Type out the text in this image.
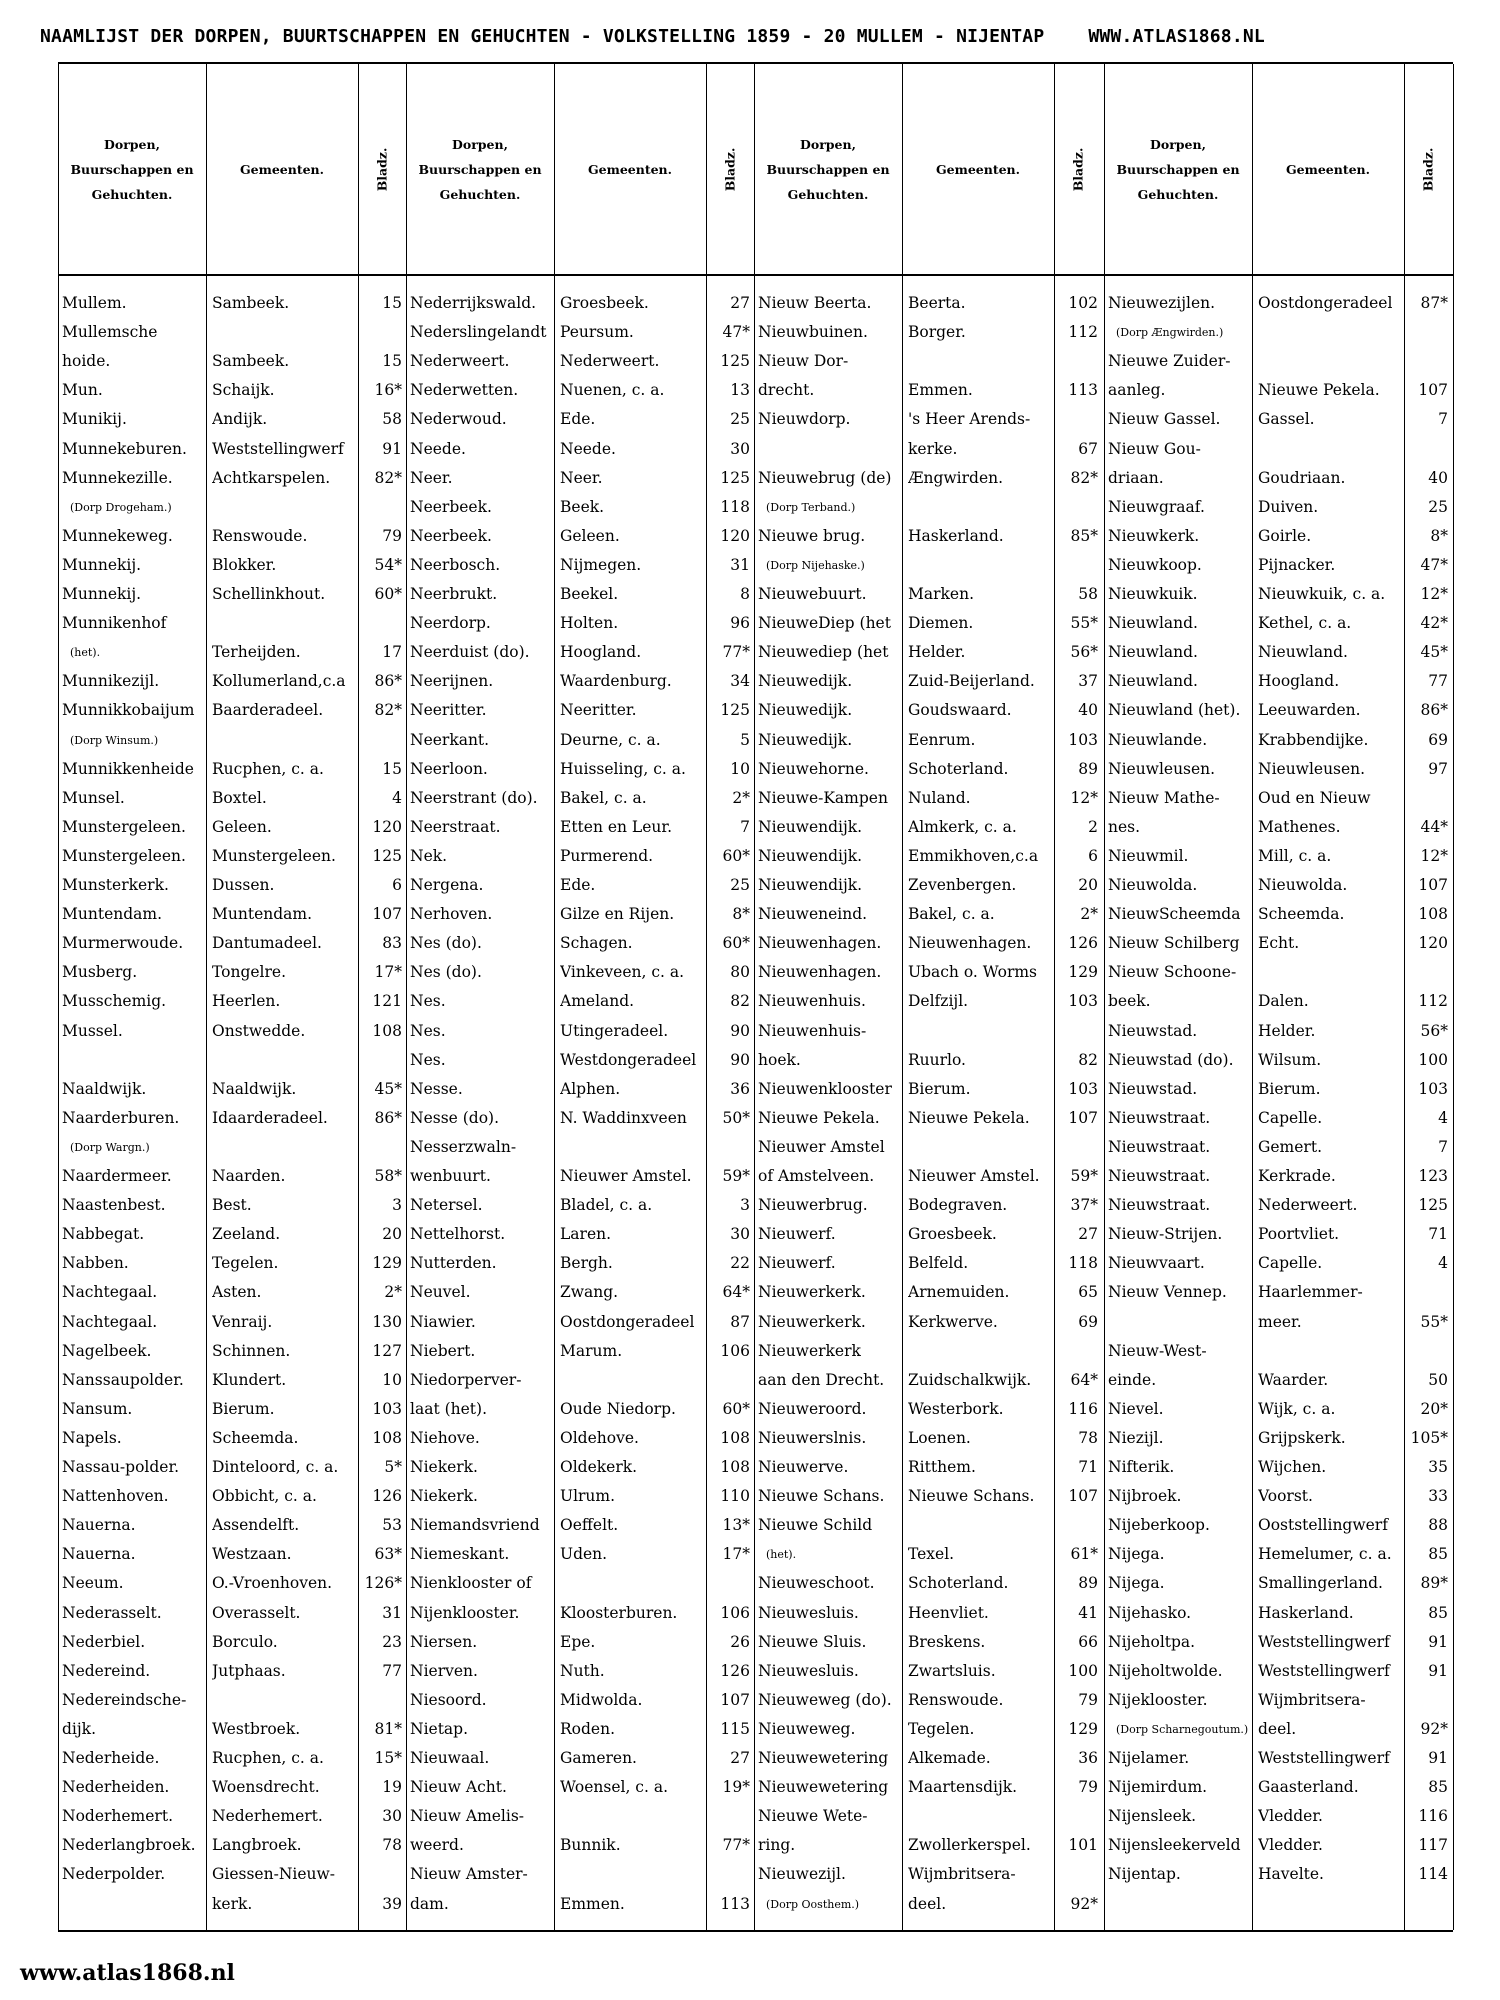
NAAMLIJST DER DORPEN, BUURTSCHAPPEN EN GEHUCHTEN - VOLKSTELLING 1859 - 20 MULLEM - NIJENTAP WWW.ATLAS1868.NL
Dorpen, Buurschappen en Gehuchten.
Gemeenten.	Bladz.
Mullem.	Sambeek.	15
Mullemsche
hoide.	Sambeek.	15
Mun.	Schaijk.	16*
Munikij.	Andijk.	58
Munnekeburen.	Weststellingwerf	91
Munnekezille.	Achtkarspelen.	82*
(Dorp Drogeham.)
Munnekeweg.	Renswoude.	79
Munnekij.	Blokker.	54*
Munnekij.	Schellinkhout.	60*
Munnikenhof
(het).	Terheijden.	17
Munnikezijl.	Kollumerland,c.a	86*
Munnikkobaijum	Baarderadeel.	82*
(Dorp Winsum.)
Munnikkenheide	Rucphen, c. a.	15
Munsel.	Boxtel.	4
Munstergeleen.	Geleen.	120
Munstergeleen.	Munstergeleen.	125
Munsterkerk.	Dussen.	6
Muntendam.	Muntendam.	107
Murmerwoude.	Dantumadeel.	83
Musberg.	Tongelre.	17*
Musschemig.	Heerlen.	121
Mussel.	Onstwedde.	108
Naaldwijk.	Naaldwijk.	45*
Naarderburen.	Idaarderadeel.	86*
(Dorp Wargn.)
Naardermeer.	Naarden.	58*
Naastenbest.	Best.	3
Nabbegat.	Zeeland.	20
Nabben.	Tegelen.	129
Nachtegaal.	Asten.	2*
Nachtegaal.	Venraij.	130
Nagelbeek.	Schinnen.	127
Nanssaupolder.	Klundert.	10
Nansum.	Bierum.	103
Napels.	Scheemda.	108
Nassau-polder.	Dinteloord, c. a.	5*
Nattenhoven.	Obbicht, c. a.	126
Nauerna.	Assendelft.	53
Nauerna.	Westzaan.	63*
Neeum.	O.-Vroenhoven.	126*
Nederasselt.	Overasselt.	31
Nederbiel.	Borculo.	23
Nedereind.	Jutphaas.	77
Nedereindsche-
dijk.	Westbroek.	81*
Nederheide.	Rucphen, c. a.	15*
Nederheiden.	Woensdrecht.	19
Noderhemert.	Nederhemert.	30
Nederlangbroek.	Langbroek.	78
Nederpolder.	Giessen-Nieuw-
kerk.	39
Dorpen, Buurschappen en Gehuchten.
Gemeenten.	Bladz.
Nederrijkswald.	Groesbeek.	27
Nederslingelandt Peursum.	47*
Nederweert.	Nederweert.	125
Nederwetten.	Nuenen, c. a.	13
Nederwoud.	Ede.	25
Neede.	Neede.	30
Neer.	Neer.	125
Neerbeek.	Beek.	118
Neerbeek.	Geleen.	120
Neerbosch.	Nijmegen.	31
Neerbrukt.	Beekel.	8
Neerdorp.	Holten.	96
Neerduist (do).	Hoogland.	77*
Neerijnen.	Waardenburg.	34
Neeritter.	Neeritter.	125
Neerkant.	Deurne, c. a.	5
Neerloon.	Huisseling, c. a.	10
Neerstrant (do).	Bakel, c. a.	2*
Neerstraat.	Etten en Leur.	7
Nek.	Purmerend.	60*
Nergena.	Ede.	25
Nerhoven.	Gilze en Rijen.	8*
Nes (do).	Schagen.	60*
Nes (do).	Vinkeveen, c. a.	80
Nes.	Ameland.	82
Nes.	Utingeradeel.	90
Nes.	Westdongeradeel	90
Nesse.	Alphen.	36
Nesse (do).	N. Waddinxveen	50*
Nesserzwaln-
wenbuurt.	Nieuwer Amstel.	59*
Netersel.	Bladel, c. a.	3
Nettelhorst.	Laren.	30
Nutterden.	Bergh.	22
Neuvel.	Zwang.	64*
Niawier.	Oostdongeradeel	87
Niebert.	Marum.	106
Niedorperver-
laat (het).	Oude Niedorp.	60*
Niehove.	Oldehove.	108
Niekerk.	Oldekerk.	108
Niekerk.	Ulrum.	110
Niemandsvriend	Oeffelt.	13*
Niemeskant.	Uden.	17*
Nienklooster of
Nijenklooster.	Kloosterburen.	106
Niersen.	Epe.	26
Nierven.	Nuth.	126
Niesoord.	Midwolda.	107
Nietap.	Roden.	115
Nieuwaal.	Gameren.	27
Nieuw Acht.	Woensel, c. a.	19*
Nieuw Amelis-
weerd.	Bunnik.	77*
Nieuw Amster-
dam.	Emmen.	113
Dorpen, Buurschappen en Gehuchten.
Gemeenten.	Bladz.
Nieuw Beerta.	Beerta.	102
Nieuwbuinen.	Borger.	112
Nieuw Dor-
drecht.	Emmen.	113
Nieuwdorp.	's Heer Arends-
kerke.	67
Nieuwebrug (de)	Ængwirden.	82*
(Dorp Terband.)
Nieuwe brug.	Haskerland.	85*
(Dorp Nijehaske.)
Nieuwebuurt.	Marken.	58
NieuweDiep (het	Diemen.	55*
Nieuwediep (het	Helder.	56*
Nieuwedijk.	Zuid-Beijerland.	37
Nieuwedijk.	Goudswaard.	40
Nieuwedijk.	Eenrum.	103
Nieuwehorne.	Schoterland.	89
Nieuwe-Kampen	Nuland.	12*
Nieuwendijk.	Almkerk, c. a.	2
Nieuwendijk.	Emmikhoven,c.a	6
Nieuwendijk.	Zevenbergen.	20
Nieuweneind.	Bakel, c. a.	2*
Nieuwenhagen.	Nieuwenhagen.	126
Nieuwenhagen.	Ubach o. Worms	129
Nieuwenhuis.	Delfzijl.	103
Nieuwenhuis-
hoek.	Ruurlo.	82
Nieuwenklooster	Bierum.	103
Nieuwe Pekela.	Nieuwe Pekela.	107
Nieuwer Amstel
of Amstelveen.	Nieuwer Amstel.	59*
Nieuwerbrug.	Bodegraven.	37*
Nieuwerf.	Groesbeek.	27
Nieuwerf.	Belfeld.	118
Nieuwerkerk.	Arnemuiden.	65
Nieuwerkerk.	Kerkwerve.	69
Nieuwerkerk
aan den Drecht.	Zuidschalkwijk.	64*
Nieuweroord.	Westerbork.	116
Nieuwerslnis.	Loenen.	78
Nieuwerve.	Ritthem.	71
Nieuwe Schans.	Nieuwe Schans.	107
Nieuwe Schild
(het).	Texel.	61*
Nieuweschoot.	Schoterland.	89
Nieuwesluis.	Heenvliet.	41
Nieuwe Sluis.	Breskens.	66
Nieuwesluis.	Zwartsluis.	100
Nieuweweg (do).	Renswoude.	79
Nieuweweg.	Tegelen.	129
Nieuwewetering	Alkemade.	36
Nieuwewetering	Maartensdijk.	79
Nieuwe Wete-
ring.	Zwollerkerspel.	101
Nieuwezijl.	Wijmbritsera-
(Dorp Oosthem.)	deel.	92*
Dorpen, Buurschappen en Gehuchten.
Gemeenten.	Bladz.
Nieuwezijlen.	Oostdongeradeel	87*
(Dorp Ængwirden.)
Nieuwe Zuider-
aanleg.	Nieuwe Pekela.	107
Nieuw Gassel.	Gassel.	7
Nieuw Gou-
driaan.	Goudriaan.	40
Nieuwgraaf.	Duiven.	25
Nieuwkerk.	Goirle.	8*
Nieuwkoop.	Pijnacker.	47*
Nieuwkuik.	Nieuwkuik, c. a.	12*
Nieuwland.	Kethel, c. a.	42*
Nieuwland.	Nieuwland.	45*
Nieuwland.	Hoogland.	77
Nieuwland (het).	Leeuwarden.	86*
Nieuwlande.	Krabbendijke.	69
Nieuwleusen.	Nieuwleusen.	97
Nieuw Mathe-	Oud en Nieuw
nes.	Mathenes.	44*
Nieuwmil.	Mill, c. a.	12*
Nieuwolda.	Nieuwolda.	107
NieuwScheemda	Scheemda.	108
Nieuw Schilberg	Echt.	120
Nieuw Schoone-
beek.	Dalen.	112
Nieuwstad.	Helder.	56*
Nieuwstad (do).	Wilsum.	100
Nieuwstad.	Bierum.	103
Nieuwstraat.	Capelle.	4
Nieuwstraat.	Gemert.	7
Nieuwstraat.	Kerkrade.	123
Nieuwstraat.	Nederweert.	125
Nieuw-Strijen.	Poortvliet.	71
Nieuwvaart.	Capelle.	4
Nieuw Vennep.	Haarlemmer-
meer.	55*
Nieuw-West-
einde.	Waarder.	50
Nievel.	Wijk, c. a.	20*
Niezijl.	Grijpskerk.	105*
Nifterik.	Wijchen.	35
Nijbroek.	Voorst.	33
Nijeberkoop.	Ooststellingwerf	88
Nijega.	Hemelumer, c. a.	85
Nijega.	Smallingerland.	89*
Nijehasko.	Haskerland.	85
Nijeholtpa.	Weststellingwerf	91
Nijeholtwolde.	Weststellingwerf	91
Nijeklooster.	Wijmbritsera-
(Dorp Scharnegoutum.) deel.	92*
Nijelamer.	Weststellingwerf	91
Nijemirdum.	Gaasterland.	85
Nijensleek.	Vledder.	116
Nijensleekerveld	Vledder.	117
Nijentap.	Havelte.	114
www.atlas1868.nl
